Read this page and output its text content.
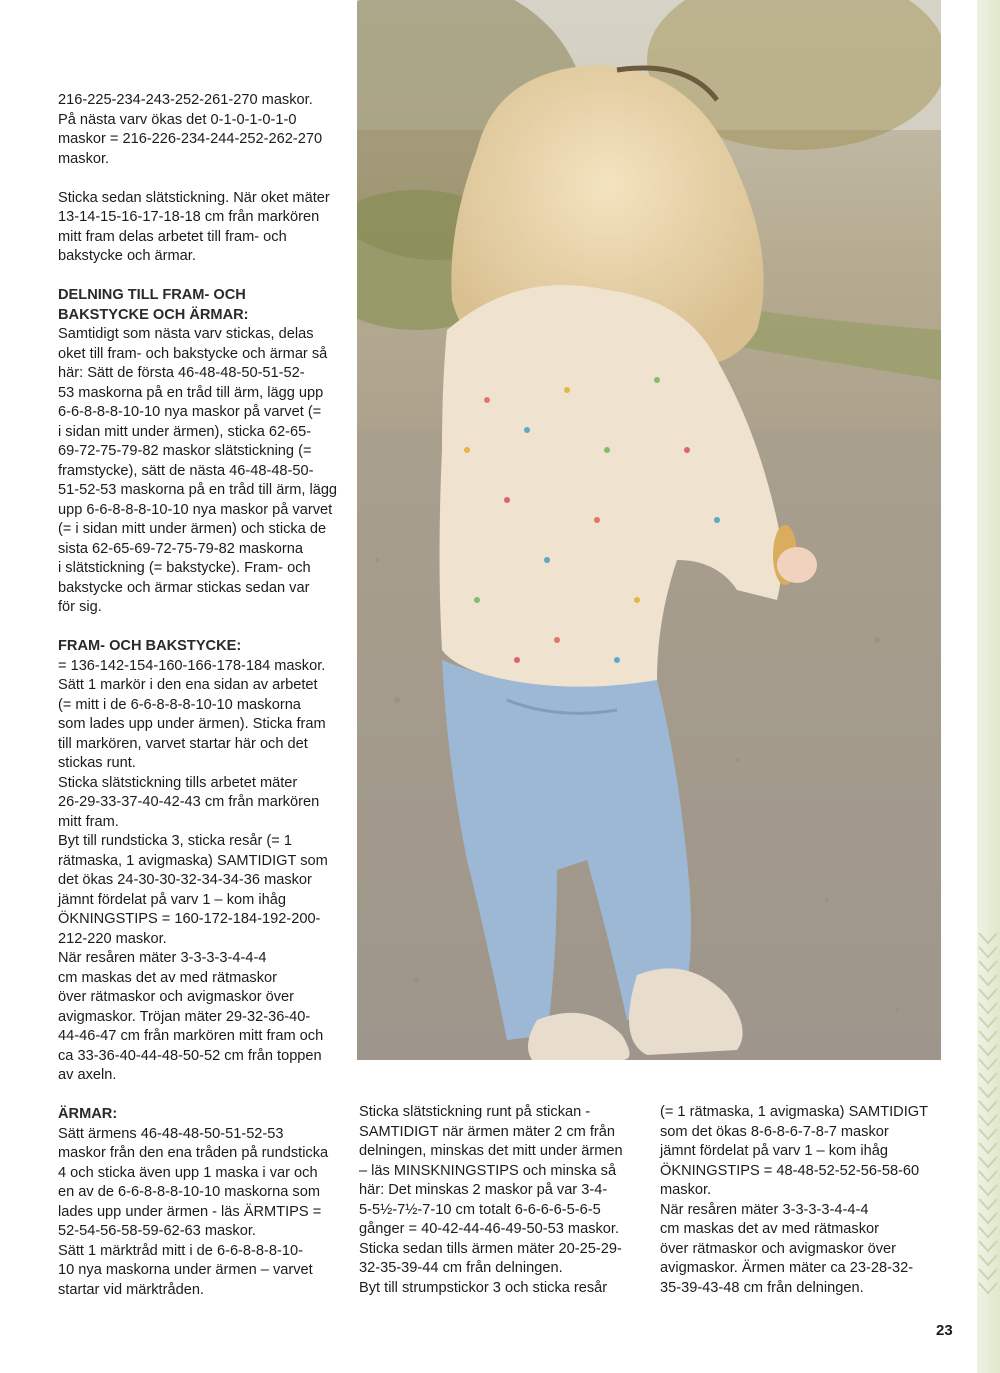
216-225-234-243-252-261-270 maskor.
På nästa varv ökas det 0-1-0-1-0-1-0
maskor = 216-226-234-244-252-262-270
maskor.

Sticka sedan slätstickning. När oket mäter
13-14-15-16-17-18-18 cm från markören
mitt fram delas arbetet till fram- och
bakstycke och ärmar.

DELNING TILL FRAM- OCH
BAKSTYCKE OCH ÄRMAR:

Samtidigt som nästa varv stickas, delas
oket till fram- och bakstycke och ärmar så
här: Sätt de första 46-48-48-50-51-52-
53 maskorna på en tråd till ärm, lägg upp
6-6-8-8-8-10-10 nya maskor på varvet (=
i sidan mitt under ärmen), sticka 62-65-
69-72-75-79-82 maskor slätstickning (=
framstycke), sätt de nästa 46-48-48-50-
51-52-53 maskorna på en tråd till ärm, lägg
upp 6-6-8-8-8-10-10 nya maskor på varvet
(= i sidan mitt under ärmen) och sticka de
sista 62-65-69-72-75-79-82 maskorna
i slätstickning (= bakstycke). Fram- och
bakstycke och ärmar stickas sedan var
för sig.

FRAM- OCH BAKSTYCKE:

= 136-142-154-160-166-178-184 maskor.
Sätt 1 markör i den ena sidan av arbetet
(= mitt i de 6-6-8-8-8-10-10 maskorna
som lades upp under ärmen). Sticka fram
till markören, varvet startar här och det
stickas runt.
Sticka slätstickning tills arbetet mäter
26-29-33-37-40-42-43 cm från markören
mitt fram.
Byt till rundsticka 3, sticka resår (= 1
rätmaska, 1 avigmaska) SAMTIDIGT som
det ökas 24-30-30-32-34-34-36 maskor
jämnt fördelat på varv 1 – kom ihåg
ÖKNINGSTIPS = 160-172-184-192-200-
212-220 maskor.
När resåren mäter 3-3-3-3-4-4-4
cm maskas det av med rätmaskor
över rätmaskor och avigmaskor över
avigmaskor. Tröjan mäter 29-32-36-40-
44-46-47 cm från markören mitt fram och
ca 33-36-40-44-48-50-52 cm från toppen
av axeln.

ÄRMAR:

Sätt ärmens 46-48-48-50-51-52-53
maskor från den ena tråden på rundsticka
4 och sticka även upp 1 maska i var och
en av de 6-6-8-8-8-10-10 maskorna som
lades upp under ärmen - läs ÄRMTIPS =
52-54-56-58-59-62-63 maskor.
Sätt 1 märktråd mitt i de 6-6-8-8-8-10-
10 nya maskorna under ärmen – varvet
startar vid märktråden.

Sticka slätstickning runt på stickan -
SAMTIDIGT när ärmen mäter 2 cm från
delningen, minskas det mitt under ärmen
– läs MINSKNINGSTIPS och minska så
här: Det minskas 2 maskor på var 3-4-
5-5½-7½-7-10 cm totalt 6-6-6-6-5-6-5
gånger = 40-42-44-46-49-50-53 maskor.
Sticka sedan tills ärmen mäter 20-25-29-
32-35-39-44 cm från delningen.
Byt till strumpstickor 3 och sticka resår

(= 1 rätmaska, 1 avigmaska) SAMTIDIGT
som det ökas 8-6-8-6-7-8-7 maskor
jämnt fördelat på varv 1 – kom ihåg
ÖKNINGSTIPS = 48-48-52-52-56-58-60
maskor.
När resåren mäter 3-3-3-3-4-4-4
cm maskas det av med rätmaskor
över rätmaskor och avigmaskor över
avigmaskor. Ärmen mäter ca 23-28-32-
35-39-43-48 cm från delningen.

23
